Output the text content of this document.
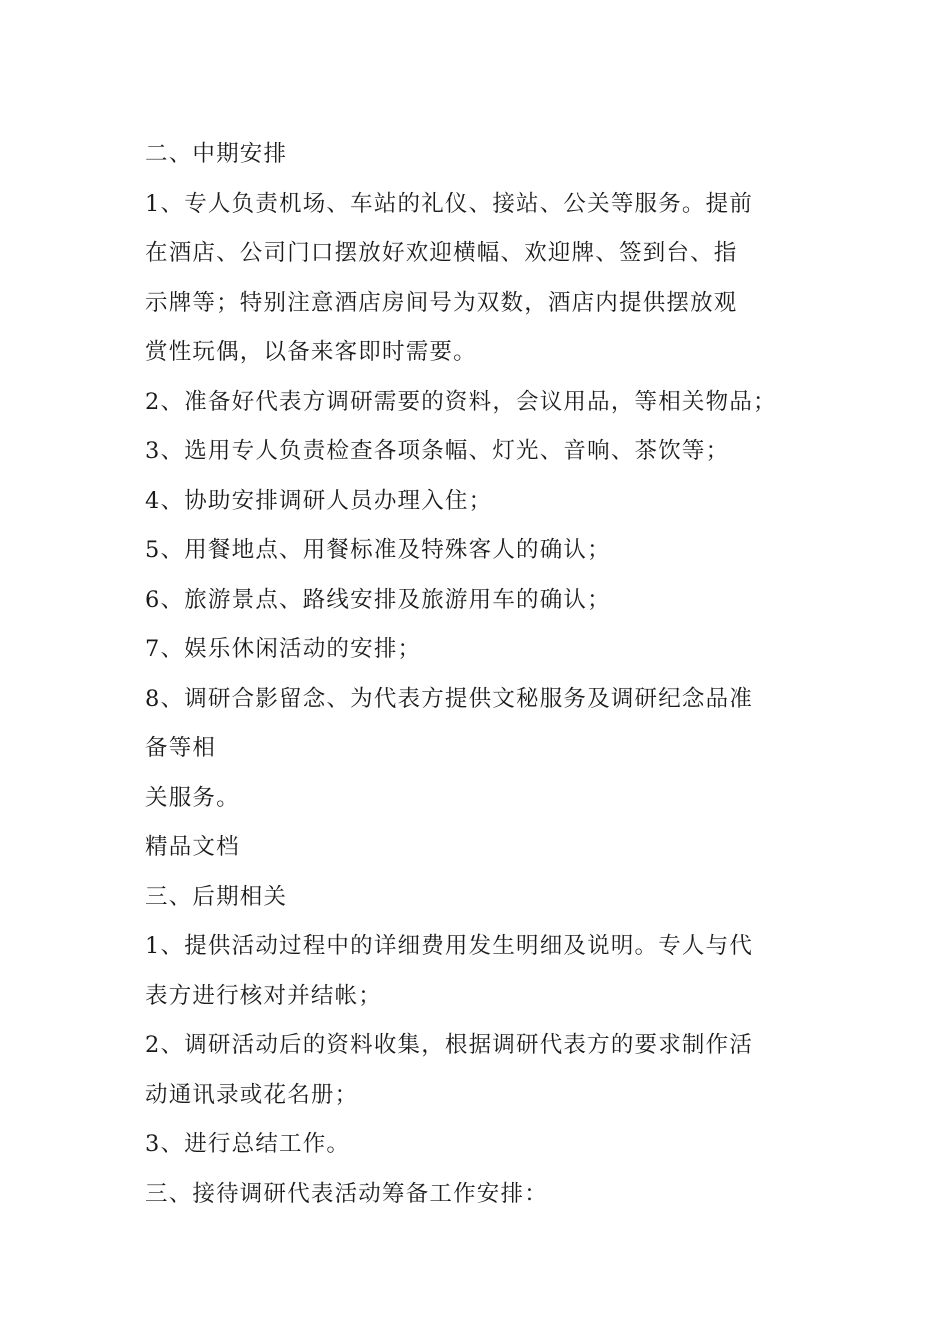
二、中期安排
1、专人负责机场、车站的礼仪、接站、公关等服务。提前
在酒店、公司门口摆放好欢迎横幅、欢迎牌、签到台、指
示牌等；特别注意酒店房间号为双数，酒店内提供摆放观
赏性玩偶，以备来客即时需要。
2、准备好代表方调研需要的资料，会议用品，等相关物品；
3、选用专人负责检查各项条幅、灯光、音响、茶饮等；
4、协助安排调研人员办理入住；
5、用餐地点、用餐标准及特殊客人的确认；
6、旅游景点、路线安排及旅游用车的确认；
7、娱乐休闲活动的安排；
8、调研合影留念、为代表方提供文秘服务及调研纪念品准
备等相
关服务。
精品文档
三、后期相关
1、提供活动过程中的详细费用发生明细及说明。专人与代
表方进行核对并结帐；
2、调研活动后的资料收集，根据调研代表方的要求制作活
动通讯录或花名册；
3、进行总结工作。
三、接待调研代表活动筹备工作安排：
